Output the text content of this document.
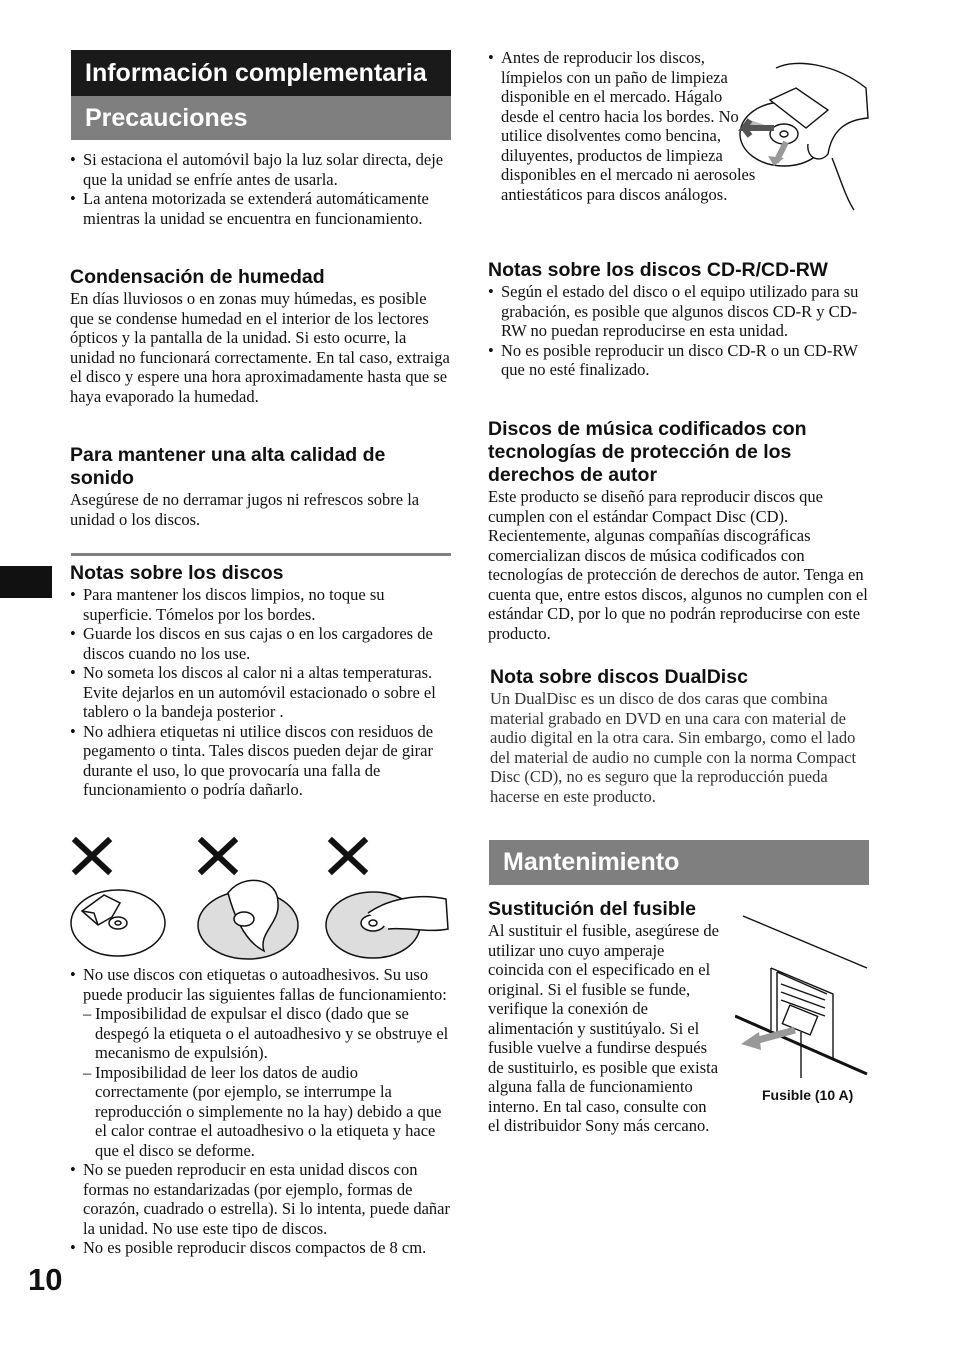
Información complementaria
Precauciones
• Si estaciona el automóvil bajo la luz solar directa, deje que la unidad se enfríe antes de usarla.
• La antena motorizada se extenderá automáticamente mientras la unidad se encuentra en funcionamiento.
Condensación de humedad

En días lluviosos o en zonas muy húmedas, es posible que se condense humedad en el interior de los lectores ópticos y la pantalla de la unidad. Si esto ocurre, la unidad no funcionará correctamente. En tal caso, extraiga el disco y espere una hora aproximadamente hasta que se haya evaporado la humedad.

Para mantener una alta calidad de sonido

Asegúrese de no derramar jugos ni refrescos sobre la unidad o los discos.

Notas sobre los discos
• Para mantener los discos limpios, no toque su superficie. Tómelos por los bordes.
• Guarde los discos en sus cajas o en los cargadores de discos cuando no los use.
• No someta los discos al calor ni a altas temperaturas. Evite dejarlos en un automóvil estacionado o sobre el tablero o la bandeja posterior .
• No adhiera etiquetas ni utilice discos con residuos de pegamento o tinta. Tales discos pueden dejar de girar durante el uso, lo que provocaría una falla de funcionamiento o podría dañarlo.
• No use discos con etiquetas o autoadhesivos. Su uso puede producir las siguientes fallas de funcionamiento:
– Imposibilidad de expulsar el disco (dado que se despegó la etiqueta o el autoadhesivo y se obstruye el mecanismo de expulsión).
– Imposibilidad de leer los datos de audio correctamente (por ejemplo, se interrumpe la reproducción o simplemente no la hay) debido a que el calor contrae el autoadhesivo o la etiqueta y hace que el disco se deforme.
• No se pueden reproducir en esta unidad discos con formas no estandarizadas (por ejemplo, formas de corazón, cuadrado o estrella). Si lo intenta, puede dañar la unidad. No use este tipo de discos.
• No es posible reproducir discos compactos de 8 cm.
10
• Antes de reproducir los discos, límpielos con un paño de limpieza disponible en el mercado. Hágalo desde el centro hacia los bordes. No utilice disolventes como bencina, diluyentes, productos de limpieza disponibles en el mercado ni aerosoles antiestáticos para discos análogos.
Notas sobre los discos CD-R/CD-RW
• Según el estado del disco o el equipo utilizado para su grabación, es posible que algunos discos CD-R y CD-RW no puedan reproducirse en esta unidad.
• No es posible reproducir un disco CD-R o un CD-RW que no esté finalizado.
Discos de música codificados con tecnologías de protección de los derechos de autor

Este producto se diseñó para reproducir discos que cumplen con el estándar Compact Disc (CD). Recientemente, algunas compañías discográficas comercializan discos de música codificados con tecnologías de protección de derechos de autor. Tenga en cuenta que, entre estos discos, algunos no cumplen con el estándar CD, por lo que no podrán reproducirse con este producto.

Nota sobre discos DualDisc

Un DualDisc es un disco de dos caras que combina material grabado en DVD en una cara con material de audio digital en la otra cara. Sin embargo, como el lado del material de audio no cumple con la norma Compact Disc (CD), no es seguro que la reproducción pueda hacerse en este producto.

Mantenimiento
Sustitución del fusible

Al sustituir el fusible, asegúrese de utilizar uno cuyo amperaje coincida con el especificado en el original. Si el fusible se funde, verifique la conexión de alimentación y sustitúyalo. Si el fusible vuelve a fundirse después de sustituirlo, es posible que exista alguna falla de funcionamiento interno. En tal caso, consulte con el distribuidor Sony más cercano.

Fusible (10 A)
